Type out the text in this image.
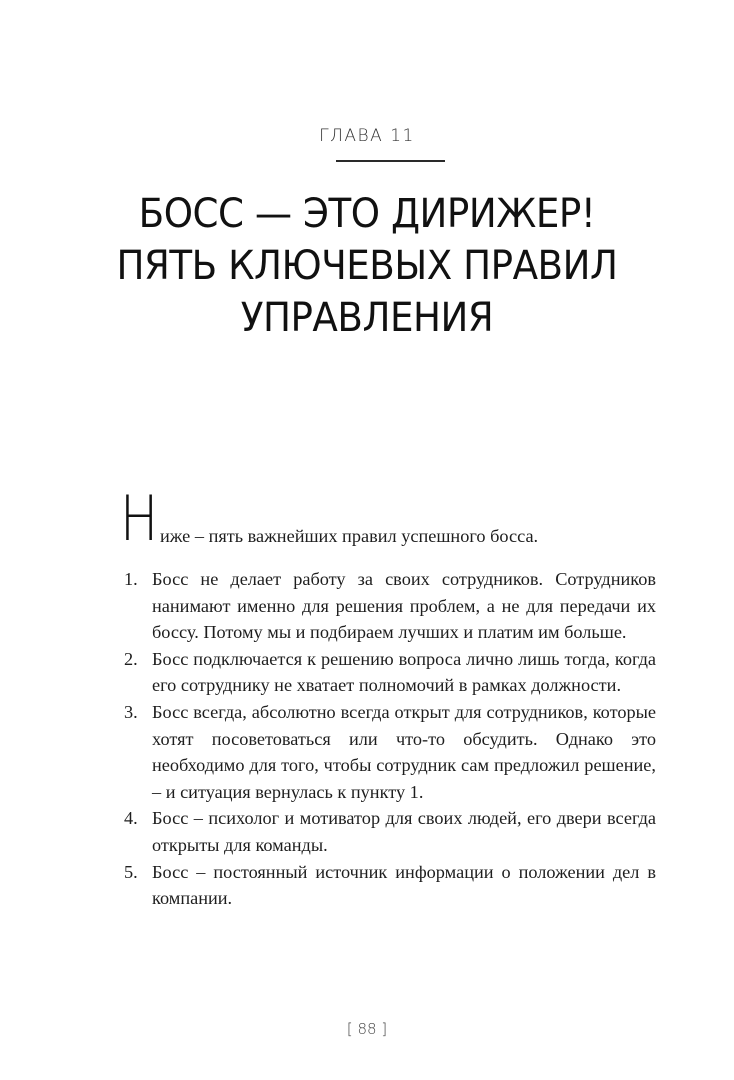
ГЛАВА 11
БОСС — ЭТО ДИРИЖЕР!
ПЯТЬ КЛЮЧЕВЫХ ПРАВИЛ
УПРАВЛЕНИЯ
Н иже – пять важнейших правил успешного босса.
1. Босс не делает работу за своих сотрудников. Сотрудников нанимают именно для решения проблем, а не для передачи их боссу. Потому мы и подбираем лучших и платим им больше.
2. Босс подключается к решению вопроса лично лишь тогда, когда его сотруднику не хватает полномочий в рамках должности.
3. Босс всегда, абсолютно всегда открыт для сотрудников, которые хотят посоветоваться или что-то обсудить. Однако это необходимо для того, чтобы сотрудник сам предложил решение, – и ситуация вернулась к пункту 1.
4. Босс – психолог и мотиватор для своих людей, его двери всегда открыты для команды.
5. Босс – постоянный источник информации о положении дел в компании.
[ 88 ]
